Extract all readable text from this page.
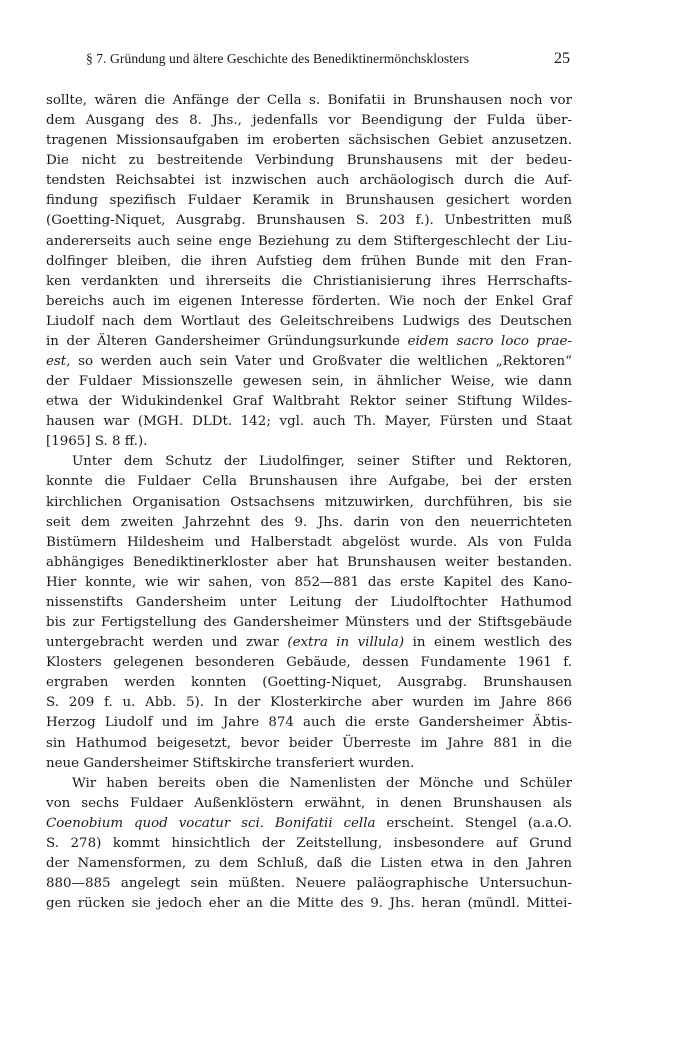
§ 7. Gründung und ältere Geschichte des Benediktinermönchsklosters	25
sollte, wären die Anfänge der Cella s. Bonifatii in Brunshausen noch vor
dem Ausgang des 8. Jhs., jedenfalls vor Beendigung der Fulda über-
tragenen Missionsaufgaben im eroberten sächsischen Gebiet anzusetzen.
Die nicht zu bestreitende Verbindung Brunshausens mit der bedeu-
tendsten Reichsabtei ist inzwischen auch archäologisch durch die Auf-
findung spezifisch Fuldaer Keramik in Brunshausen gesichert worden
(Goetting-Niquet, Ausgrabg. Brunshausen S. 203 f.). Unbestritten muß
andererseits auch seine enge Beziehung zu dem Stiftergeschlecht der Liu-
dolfinger bleiben, die ihren Aufstieg dem frühen Bunde mit den Fran-
ken verdankten und ihrerseits die Christianisierung ihres Herrschafts-
bereichs auch im eigenen Interesse förderten. Wie noch der Enkel Graf
Liudolf nach dem Wortlaut des Geleitschreibens Ludwigs des Deutschen
in der Älteren Gandersheimer Gründungsurkunde eidem sacro loco prae-
est, so werden auch sein Vater und Großvater die weltlichen „Rektoren“
der Fuldaer Missionszelle gewesen sein, in ähnlicher Weise, wie dann
etwa der Widukindenkel Graf Waltbraht Rektor seiner Stiftung Wildes-
hausen war (MGH. DLDt. 142; vgl. auch Th. Mayer, Fürsten und Staat
[1965] S. 8 ff.).
Unter dem Schutz der Liudolfinger, seiner Stifter und Rektoren,
konnte die Fuldaer Cella Brunshausen ihre Aufgabe, bei der ersten
kirchlichen Organisation Ostsachsens mitzuwirken, durchführen, bis sie
seit dem zweiten Jahrzehnt des 9. Jhs. darin von den neuerrichteten
Bistümern Hildesheim und Halberstadt abgelöst wurde. Als von Fulda
abhängiges Benediktinerkloster aber hat Brunshausen weiter bestanden.
Hier konnte, wie wir sahen, von 852—881 das erste Kapitel des Kano-
nissenstifts Gandersheim unter Leitung der Liudolftochter Hathumod
bis zur Fertigstellung des Gandersheimer Münsters und der Stiftsgebäude
untergebracht werden und zwar (extra in villula) in einem westlich des
Klosters gelegenen besonderen Gebäude, dessen Fundamente 1961 f.
ergraben werden konnten (Goetting-Niquet, Ausgrabg. Brunshausen
S. 209 f. u. Abb. 5). In der Klosterkirche aber wurden im Jahre 866
Herzog Liudolf und im Jahre 874 auch die erste Gandersheimer Äbtis-
sin Hathumod beigesetzt, bevor beider Überreste im Jahre 881 in die
neue Gandersheimer Stiftskirche transferiert wurden.
Wir haben bereits oben die Namenlisten der Mönche und Schüler
von sechs Fuldaer Außenklöstern erwähnt, in denen Brunshausen als
Coenobium quod vocatur sci. Bonifatii cella erscheint. Stengel (a.a.O.
S. 278) kommt hinsichtlich der Zeitstellung, insbesondere auf Grund
der Namensformen, zu dem Schluß, daß die Listen etwa in den Jahren
880—885 angelegt sein müßten. Neuere paläographische Untersuchun-
gen rücken sie jedoch eher an die Mitte des 9. Jhs. heran (mündl. Mittei-
